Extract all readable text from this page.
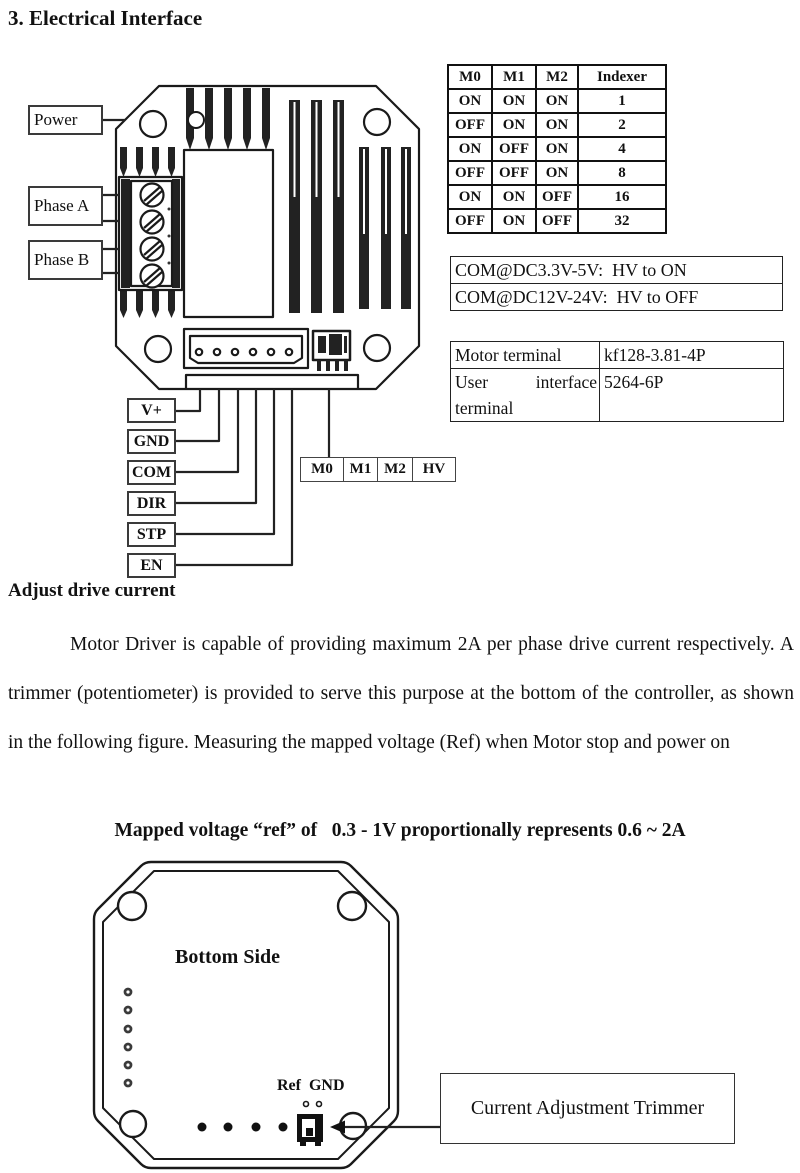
3. Electrical Interface
Power
Phase A
Phase B
V+
GND
COM
DIR
STP
EN
M0	M1 M2	HV
M0	M1	M2	Indexer
ON	ON	ON	1
OFF	ON	ON	2
ON	OFF	ON	4
OFF	OFF	ON	8
ON	ON	OFF	16
OFF	ON	OFF	32
COM@DC3.3V-5V:  HV to ON
COM@DC12V-24V:  HV to OFF
Motor terminal	kf128-3.81-4P
User interface terminal	5264-6P
Adjust drive current
Motor Driver is capable of providing maximum 2A per phase drive current respectively. A trimmer (potentiometer) is provided to serve this purpose at the bottom of the controller, as shown in the following figure. Measuring the mapped voltage (Ref) when Motor stop and power on
Mapped voltage “ref” of   0.3 - 1V proportionally represents 0.6 ~ 2A
Bottom Side
Ref  GND
Current Adjustment Trimmer
